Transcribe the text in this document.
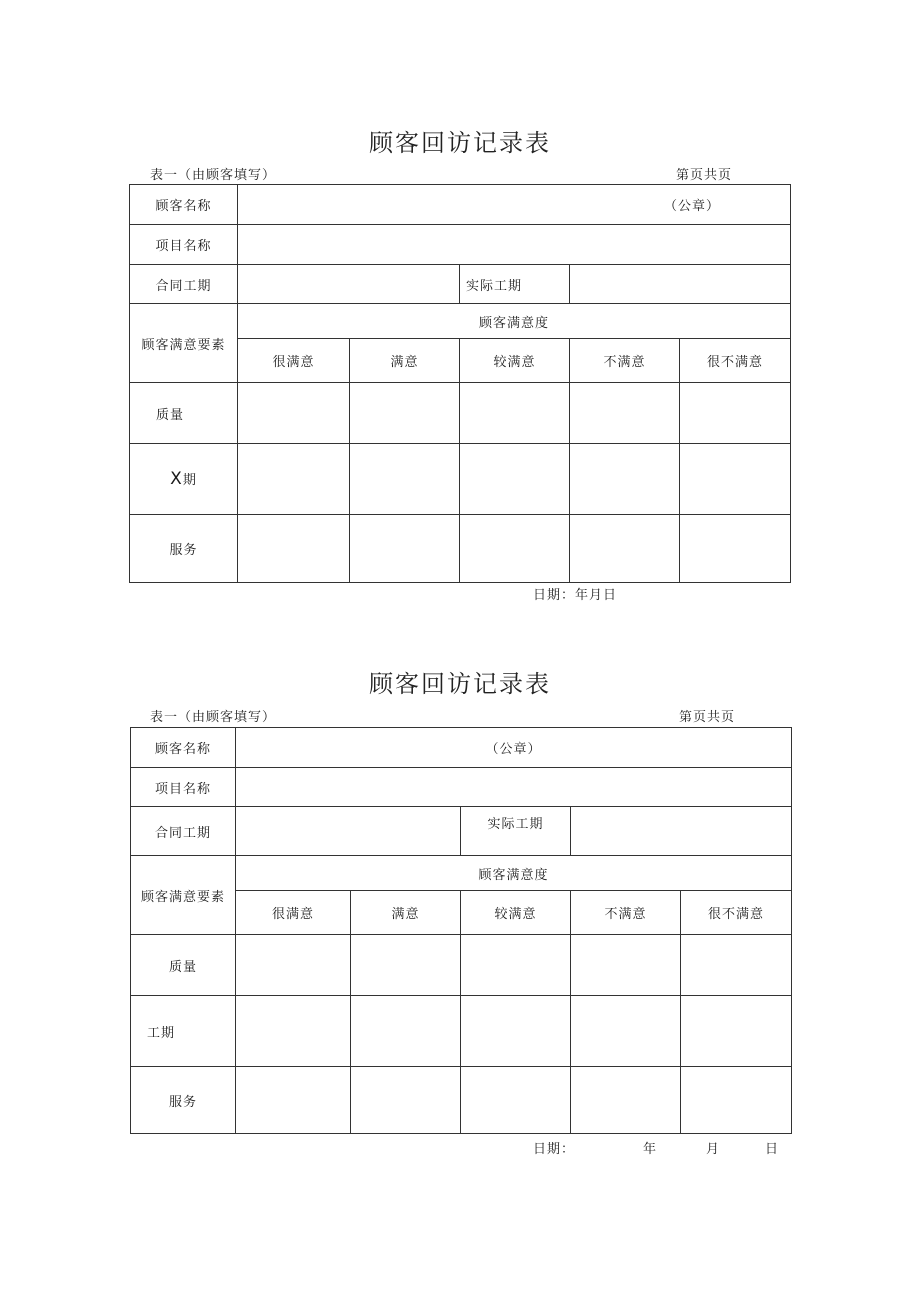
顾客回访记录表
表一（由顾客填写）	第页共页
顾客名称	（公章）				
项目名称					
合同工期			实际工期		
顾客满意要素	顾客满意度				
	很满意	满意	较满意	不满意	很不满意
质量					
X期					
服务					
日期：年月日
顾客回访记录表
表一（由顾客填写）	第页共页
顾客名称	（公章）				
项目名称					
合同工期			实际工期		
顾客满意要素	顾客满意度				
	很满意	满意	较满意	不满意	很不满意
质量					
工期					
服务					
日期：	年	月	日
